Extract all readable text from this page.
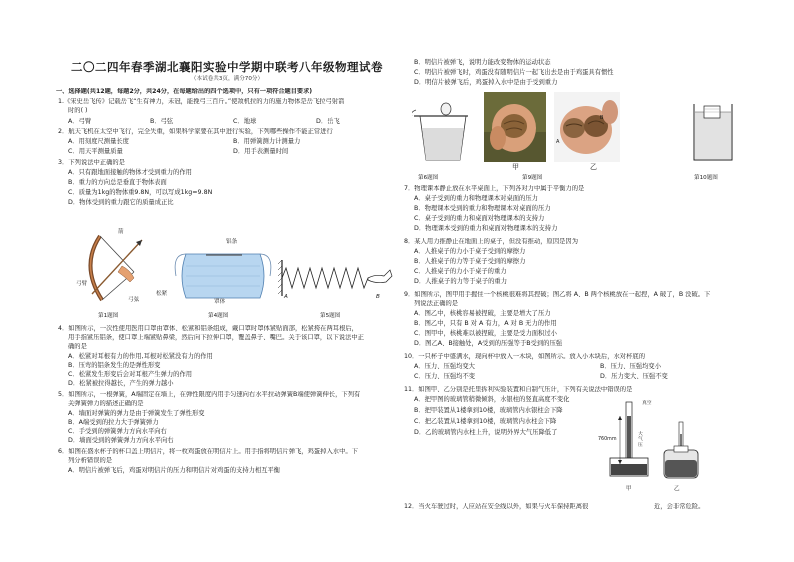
二〇二四年春季湖北襄阳实验中学期中联考八年级物理试卷
（本试卷共3页，满分70分）
一、选择题(共12题，每题2分，共24分，在每题给出的四个选项中，只有一项符合题目要求)
1.《宋史岳飞传》记载岳飞“生有神力，未冠，能挽弓三百斤。”使敌机拉的力的施力物体是岳飞拉弓射箭
时的( )
A．弓臂	B．弓弦	C．地球	D．岳飞
2．航天飞机在太空中飞行，完全失重，如果科学家要在其中进行实验，下列哪些操作不能正常进行
A．用刻度尺测量长度	B．用弹簧测力计测量力
C．用天平测量质量	D．用手表测量时间
3．下列说法中正确的是
A．只有跟地面接触的物体才受到重力的作用
B．重力的方向总是垂直于物体表面
C．质量为1kg的物体重9.8N，可以写成1kg=9.8N
D．物体受到的重力跟它的质量成正比
箭
弓臂
弓弦
铝条
松紧
罩体
A	B
第1题图	第4题图	第5题图
4．如图所示，一次性使用医用口罩由罩体、松紧和铝条组成，戴口罩时罩体紧贴面部，松紧挎在两耳根后，
用手指紧压铝条，使口罩上端紧贴鼻梁，然后向下拉伸口罩，覆盖鼻子、嘴巴。关于该口罩，以下说法中正
确的是
A．松紧对耳根有力的作用,耳根对松紧没有力的作用
B．压弯的铝条发生的是弹性形变
C．松紧发生形变后会对耳根产生弹力的作用
D．松紧被拉得越长，产生的弹力越小
5．如图所示，一根弹簧，A端固定在墙上，在弹性限度内用手匀速向右水平拉动弹簧B端使弹簧伸长，下列有
关弹簧弹力的描述正确的是
A．墙面对弹簧的弹力是由于弹簧发生了弹性形变
B．A端受到的拉力大于弹簧弹力
C．手受到的弹簧弹力方向水平向右
D．墙面受到的弹簧弹力方向水平向右
6．如图在盛水杯子的杯口盖上明信片，将一枚鸡蛋放在明信片上。用手指将明信片弹飞，鸡蛋掉入水中。下
列分析错误的是
A．明信片被弹飞后，鸡蛋对明信片的压力和明信片对鸡蛋的支持力相互平衡
B．明信片被弹飞，说明力能改变物体的运动状态
C．明信片被弹飞时，鸡蛋没有随明信片一起飞出去是由于鸡蛋具有惯性
D．明信片被弹飞后，鸡蛋掉入水中是由于受到重力
甲
A
B
乙
第6题图	第9题图	第10题图
7．物理课本静止放在水平桌面上，下列各对力中属于平衡力的是
A．桌子受到的重力和物理课本对桌面的压力
B．物理课本受到的重力和物理课本对桌面的压力
C．桌子受到的重力和桌面对物理课本的支持力
D．物理课本受到的重力和桌面对物理课本的支持力
8．某人用力推静止在地面上的桌子，但没有推动，原因是因为
A．人推桌子的力小于桌子受到的摩擦力
B．人推桌子的力等于桌子受到的摩擦力
C．人推桌子的力小于桌子的重力
D．人推桌子的力等于桌子的重力
9．如图所示，图甲用手握住一个核桃很难将其捏破；图乙将 A、B 两个核桃放在一起捏，A 破了，B 没破。下
列说法正确的是
A．图乙中，核桃容易被捏破，主要是增大了压力
B．图乙中，只有 B 对 A 有力，A 对 B 无力的作用
C．图甲中，核桃难以被捏破，主要是受力面积过小
D．图乙A、B接触处，A受到的压强等于B受到的压强
10．一只杯子中盛满水，现向杯中放入一木块，如图所示。放入小木块后，水对杯底的
A．压力、压强均变大	B．压力、压强均变小
C．压力、压强均不变	D．压力变大、压强不变
11．如图甲、乙分别是托里拆利实验装置和自制气压计，下列有关说法中错误的是
A．把甲图的玻璃管稍微倾斜，水银柱的竖直高度不变化
B．把甲装置从1楼拿到10楼，玻璃管内水银柱会下降
C．把乙装置从1楼拿到10楼，玻璃管内水柱会下降
D．乙的玻璃管内水柱上升，说明外界大气压降低了
真空
760mm
大气压
甲	乙
12．当火车驶过时，人应站在安全线以外，如果与火车保持距离很	近，会非常危险。
